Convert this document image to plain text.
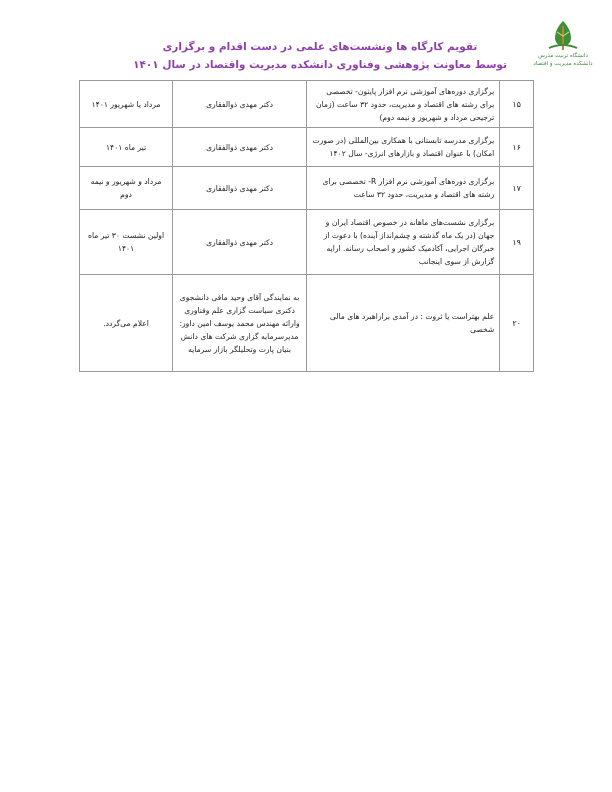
دانشگاه تربیت مدرس
دانشکده مدیریت و اقتصاد
تقویم کارگاه ها ونشست‌های علمی در دست اقدام و برگزاری
توسط معاونت پژوهشی وفناوری دانشکده مدیریت واقتصاد در سال ۱۴۰۱
۱۵	برگزاری دوره‌های آموزشی نرم افزار پایتون- تخصصی برای رشته های اقتصاد و مدیریت، حدود ۳۲ ساعت (زمان ترجیحی مرداد و شهریور و نیمه دوم)	دکتر مهدی ذوالفقاری	مرداد یا شهریور ۱۴۰۱
۱۶	برگزاری مدرسه تابستانی با همکاری بین‌المللی (در صورت امکان) با عنوان اقتصاد و بازارهای انرژی- سال ۱۴۰۲	دکتر مهدی ذوالفقاری	تیر ماه ۱۴۰۱
۱۷	برگزاری دوره‌های آموزشی نرم افزار R- تخصصی برای رشته های اقتصاد و مدیریت، حدود ۳۲ ساعت	دکتر مهدی ذوالفقاری	مرداد و شهریور و نیمه دوم
۱۹	برگزاری نشست‌های ماهانه در خصوص اقتصاد ایران و جهان (در یک ماه گذشته و چشم‌انداز آینده) با دعوت از خبرگان اجرایی، آکادمیک کشور و اصحاب رسانه. ارایه گزارش از سوی اینجانب	دکتر مهدی ذوالفقاری	اولین نشست ۳۰ تیر ماه ۱۴۰۱
۲۰	علم بهتراست یا ثروت : در آمدی براراهبرد های مالی شخصی	به نمایندگی آقای وحید مافی دانشجوی دکتری سیاست گزاری علم وفناوری وارائه مهندس محمد یوسف امین داور: مدیرسرمایه گزاری شرکت های دانش بنیان پارت وتحلیلگر بازار سرمایه	اعلام می‌گردد.
